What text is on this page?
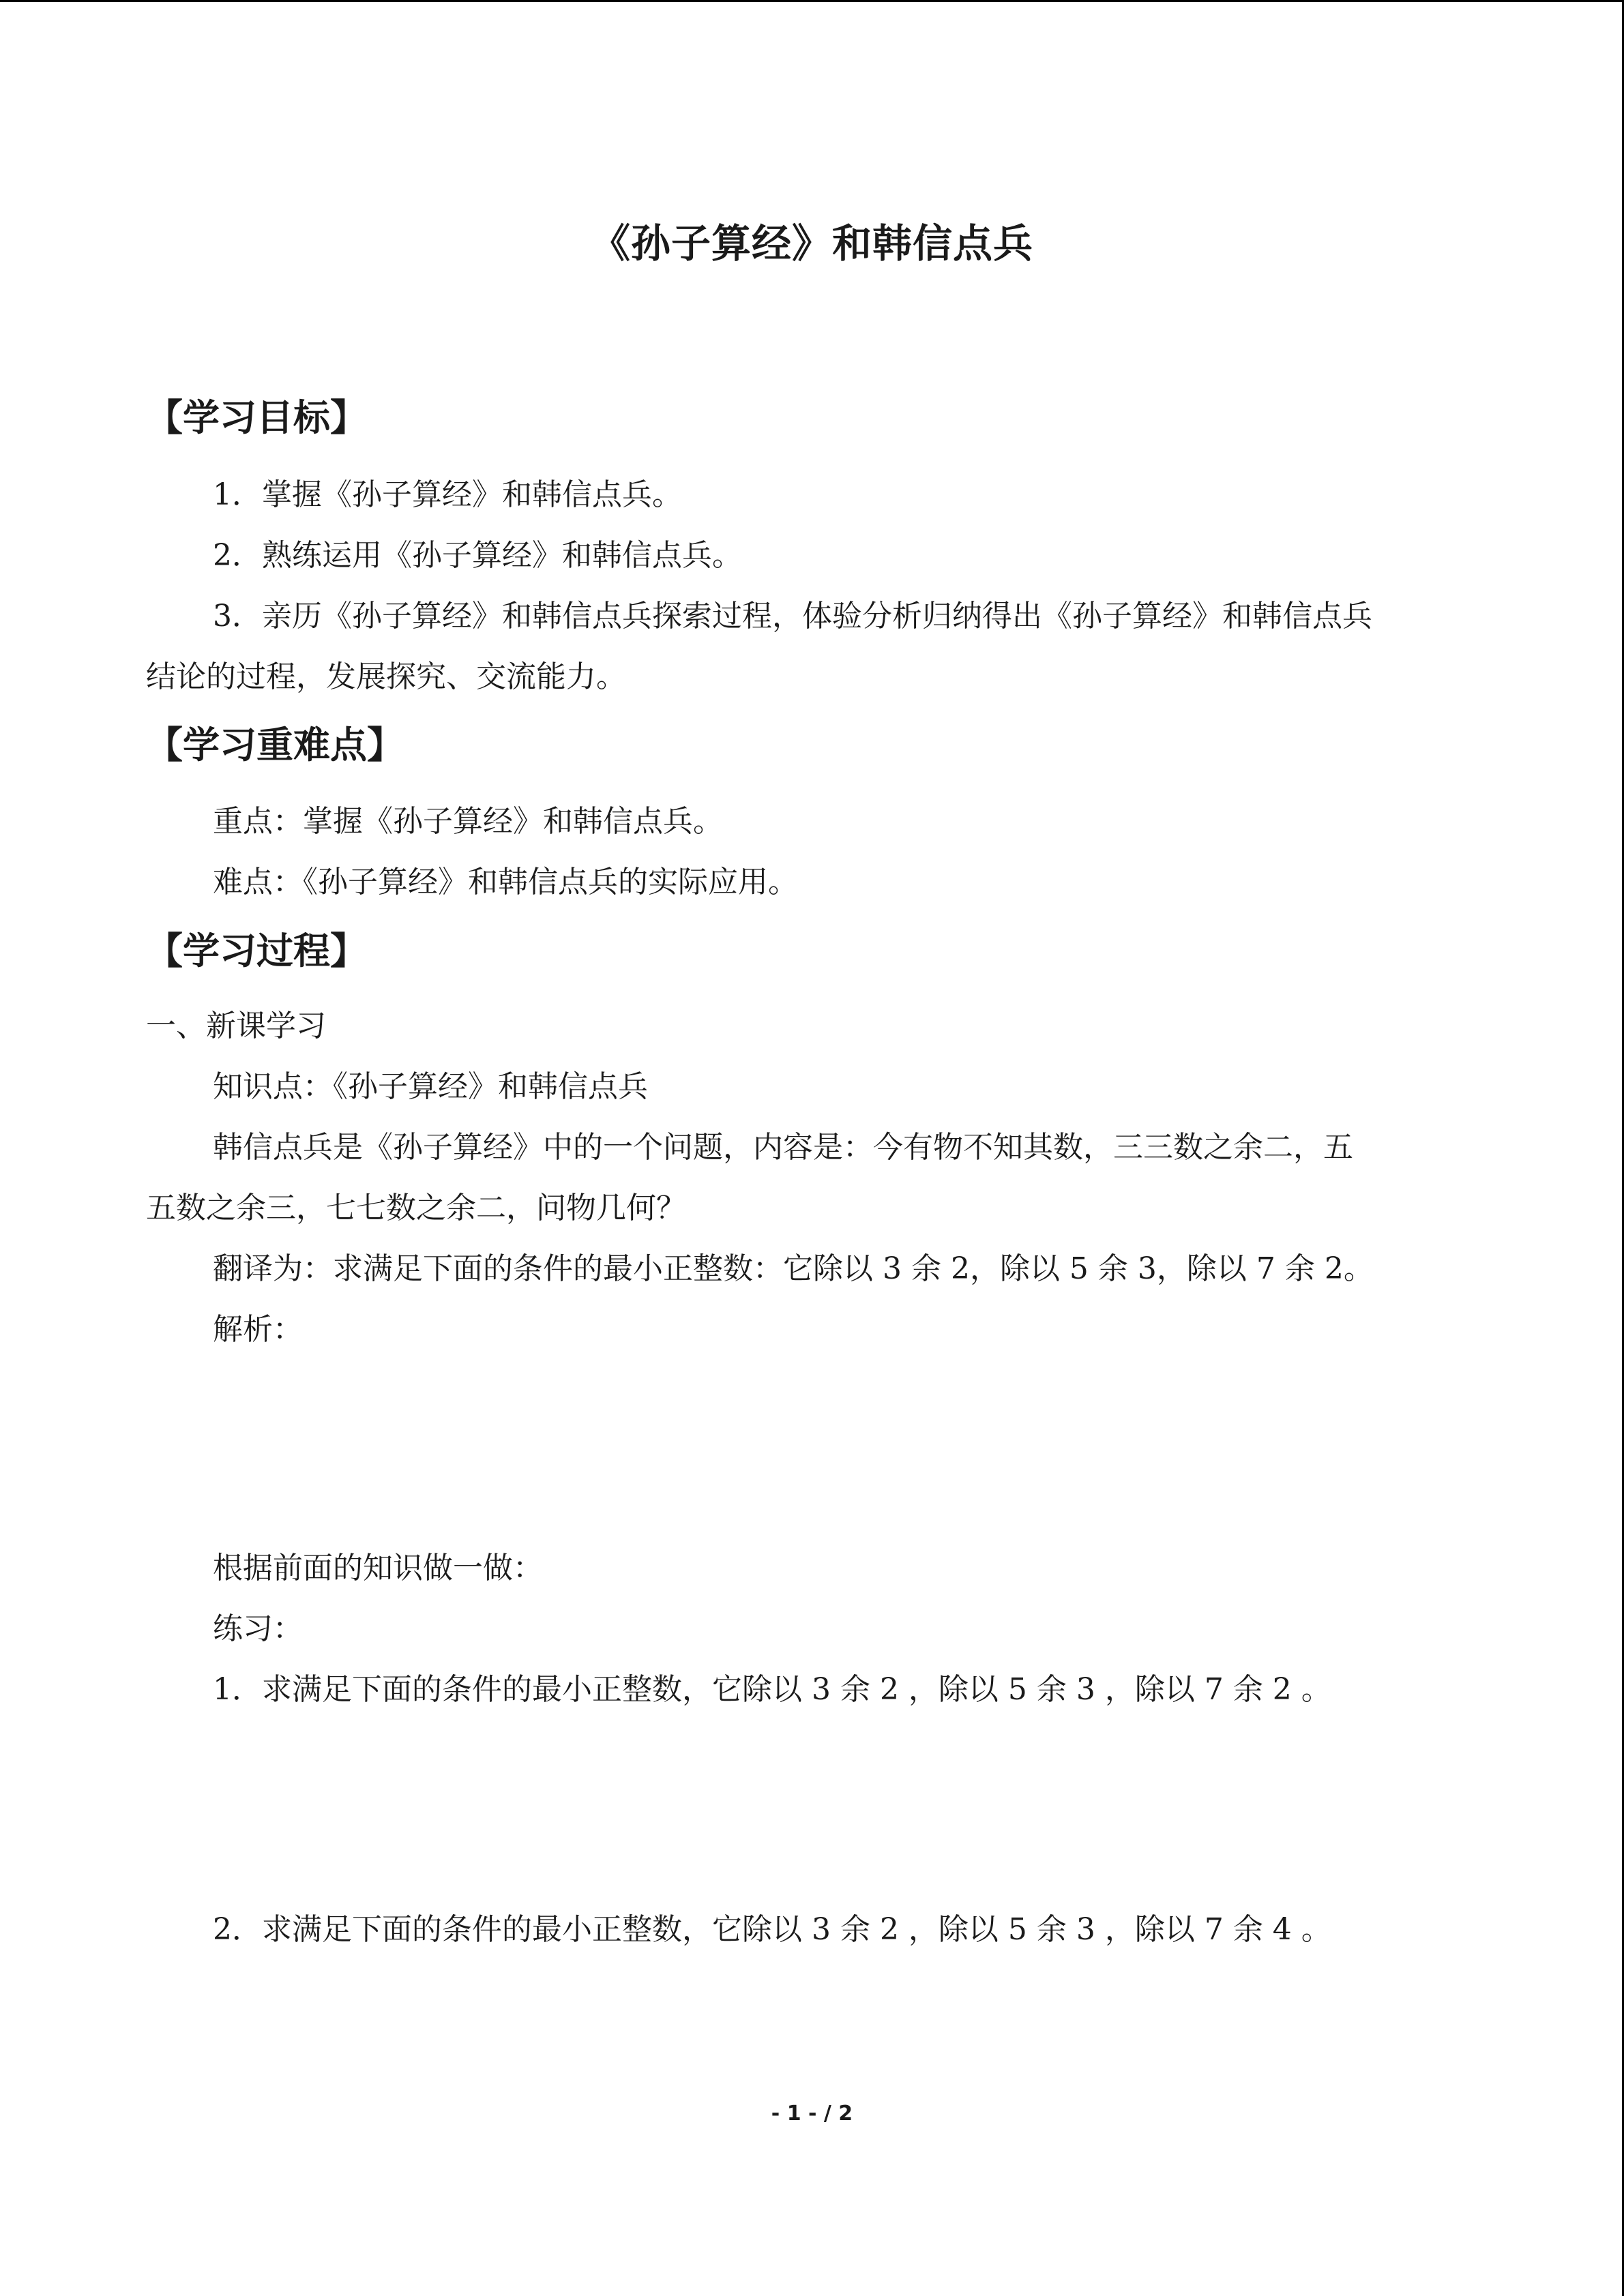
《孙子算经》和韩信点兵
【学习目标】
1．掌握《孙子算经》和韩信点兵。
2．熟练运用《孙子算经》和韩信点兵。
3．亲历《孙子算经》和韩信点兵探索过程，体验分析归纳得出《孙子算经》和韩信点兵
结论的过程，发展探究、交流能力。
【学习重难点】
重点：掌握《孙子算经》和韩信点兵。
难点：《孙子算经》和韩信点兵的实际应用。
【学习过程】
一、新课学习
知识点：《孙子算经》和韩信点兵
韩信点兵是《孙子算经》中的一个问题，内容是：今有物不知其数，三三数之余二，五
五数之余三，七七数之余二，问物几何？
翻译为：求满足下面的条件的最小正整数：它除以 3 余 2，除以 5 余 3，除以 7 余 2。
解析：
根据前面的知识做一做：
练习：
1．求满足下面的条件的最小正整数，它除以 3 余 2 ，除以 5 余 3 ，除以 7 余 2 。
2．求满足下面的条件的最小正整数，它除以 3 余 2 ，除以 5 余 3 ，除以 7 余 4 。
- 1 - / 2
